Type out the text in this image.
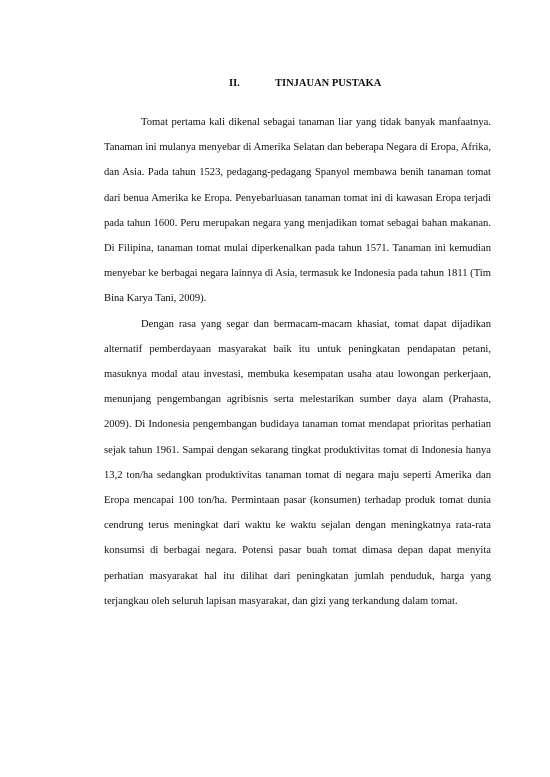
II.	TINJAUAN PUSTAKA

Tomat pertama kali dikenal sebagai tanaman liar yang tidak banyak manfaatnya. Tanaman ini mulanya menyebar di Amerika Selatan dan beberapa Negara di Eropa, Afrika, dan Asia. Pada tahun 1523, pedagang-pedagang Spanyol membawa benih tanaman tomat dari benua Amerika ke Eropa. Penyebarluasan tanaman tomat ini di kawasan Eropa terjadi pada tahun 1600. Peru merupakan negara yang menjadikan tomat sebagai bahan makanan. Di Filipina, tanaman tomat mulai diperkenalkan pada tahun 1571. Tanaman ini kemudian menyebar ke berbagai negara lainnya di Asia, termasuk ke Indonesia pada tahun 1811 (Tim Bina Karya Tani, 2009).

Dengan rasa yang segar dan bermacam-macam khasiat, tomat dapat dijadikan alternatif pemberdayaan masyarakat baik itu untuk peningkatan pendapatan petani, masuknya modal atau investasi, membuka kesempatan usaha atau lowongan perkerjaan, menunjang pengembangan agribisnis serta melestarikan sumber daya alam (Prahasta, 2009). Di Indonesia pengembangan budidaya tanaman tomat mendapat prioritas perhatian sejak tahun 1961. Sampai dengan sekarang tingkat produktivitas tomat di Indonesia hanya 13,2 ton/ha sedangkan produktivitas tanaman tomat di negara maju seperti Amerika dan Eropa mencapai 100 ton/ha. Permintaan pasar (konsumen) terhadap produk tomat dunia cendrung terus meningkat dari waktu ke waktu sejalan dengan meningkatnya rata-rata konsumsi di berbagai negara. Potensi pasar buah tomat dimasa depan dapat menyita perhatian masyarakat hal itu dilihat dari peningkatan jumlah penduduk, harga yang terjangkau oleh seluruh lapisan masyarakat, dan gizi yang terkandung dalam tomat.
